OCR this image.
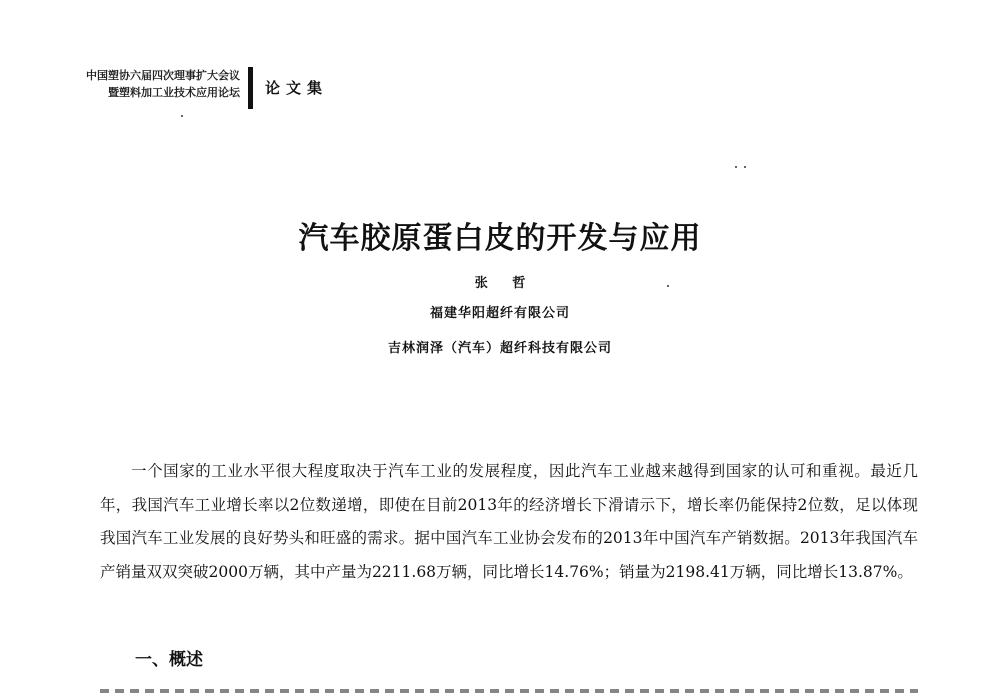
中国塑协六届四次理事扩大会议
暨塑料加工业技术应用论坛	论文集
汽车胶原蛋白皮的开发与应用
张 哲
福建华阳超纤有限公司
吉林润泽（汽车）超纤科技有限公司

一个国家的工业水平很大程度取决于汽车工业的发展程度，因此汽车工业越来越得到国家的认可和重视。最近几年，我国汽车工业增长率以2位数递增，即使在目前2013年的经济增长下滑请示下，增长率仍能保持2位数，足以体现我国汽车工业发展的良好势头和旺盛的需求。据中国汽车工业协会发布的2013年中国汽车产销数据。2013年我国汽车产销量双双突破2000万辆，其中产量为2211.68万辆，同比增长14.76%；销量为2198.41万辆，同比增长13.87%。

一、概述
